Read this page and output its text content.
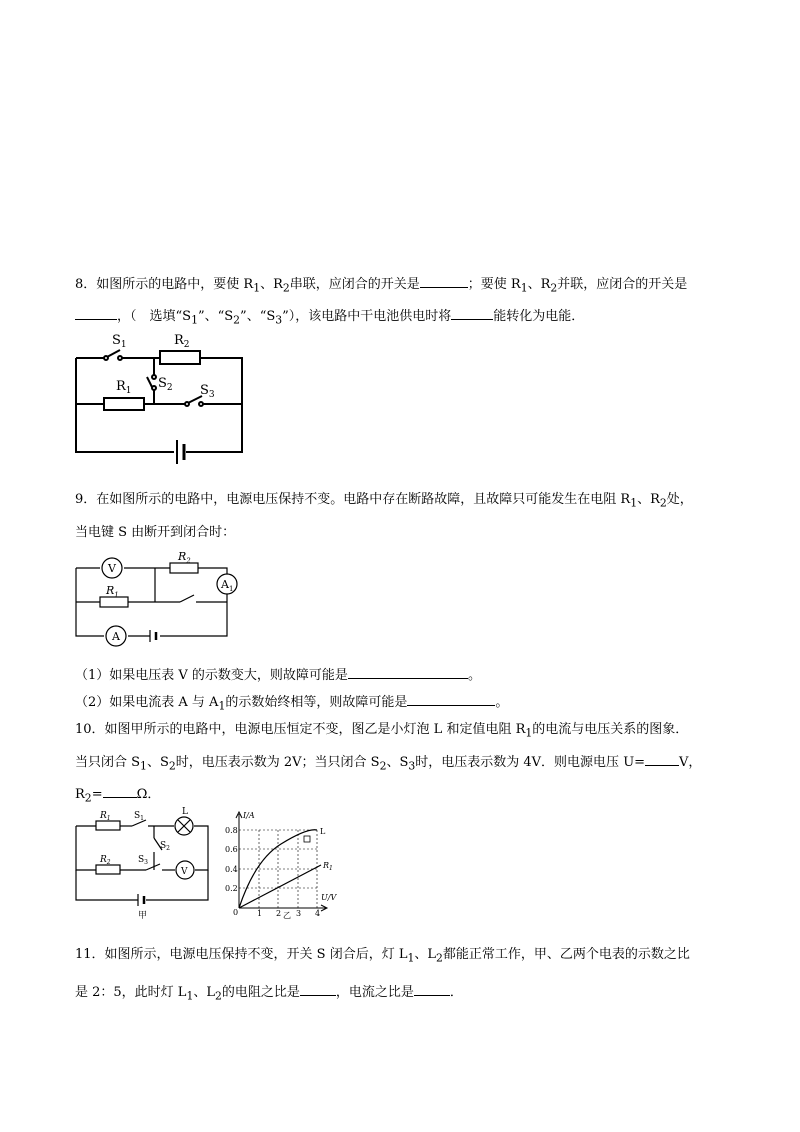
8．如图所示的电路中，要使 $R_1$、$R_2$串联，应闭合的开关是	；要使 $R_1$、$R_2$并联，应闭合的开关是
，（　选填“$S_1$”、“$S_2$”、“$S_3$”），该电路中干电池供电时将	能转化为电能．
$S_1$	$R_2$
$R_1$ $S_2$ $S_3$
9．在如图所示的电路中，电源电压保持不变。电路中存在断路故障，且故障只可能发生在电阻 $R_1$、$R_2$处，
当电键 S 由断开到闭合时：
V
$A_1$
A
$R_1$
$R_2$
（1）如果电压表 V 的示数变大，则故障可能是	。
（2）如果电流表 A 与 $A_1$的示数始终相等，则故障可能是	。
10．如图甲所示的电路中，电源电压恒定不变，图乙是小灯泡 L 和定值电阻 $R_1$的电流与电压关系的图象．
当只闭合 $S_1$、$S_2$时，电压表示数为 2V；当只闭合 $S_2$、$S_3$时，电压表示数为 4V．则电源电压 U=	V，
$R_2=$	Ω．
$R_1$
$R_2$
$S_1$
$S_2$
$S_3$
L
V
甲
I/A
U/V
0.8
0.6
0.4
0.2
0 1 2 3 4
L
$R_1$
乙
11．如图所示，电源电压保持不变，开关 S 闭合后，灯 $L_1$、$L_2$都能正常工作，甲、乙两个电表的示数之比
是 2：5，此时灯 $L_1$、$L_2$的电阻之比是	，电流之比是	．
